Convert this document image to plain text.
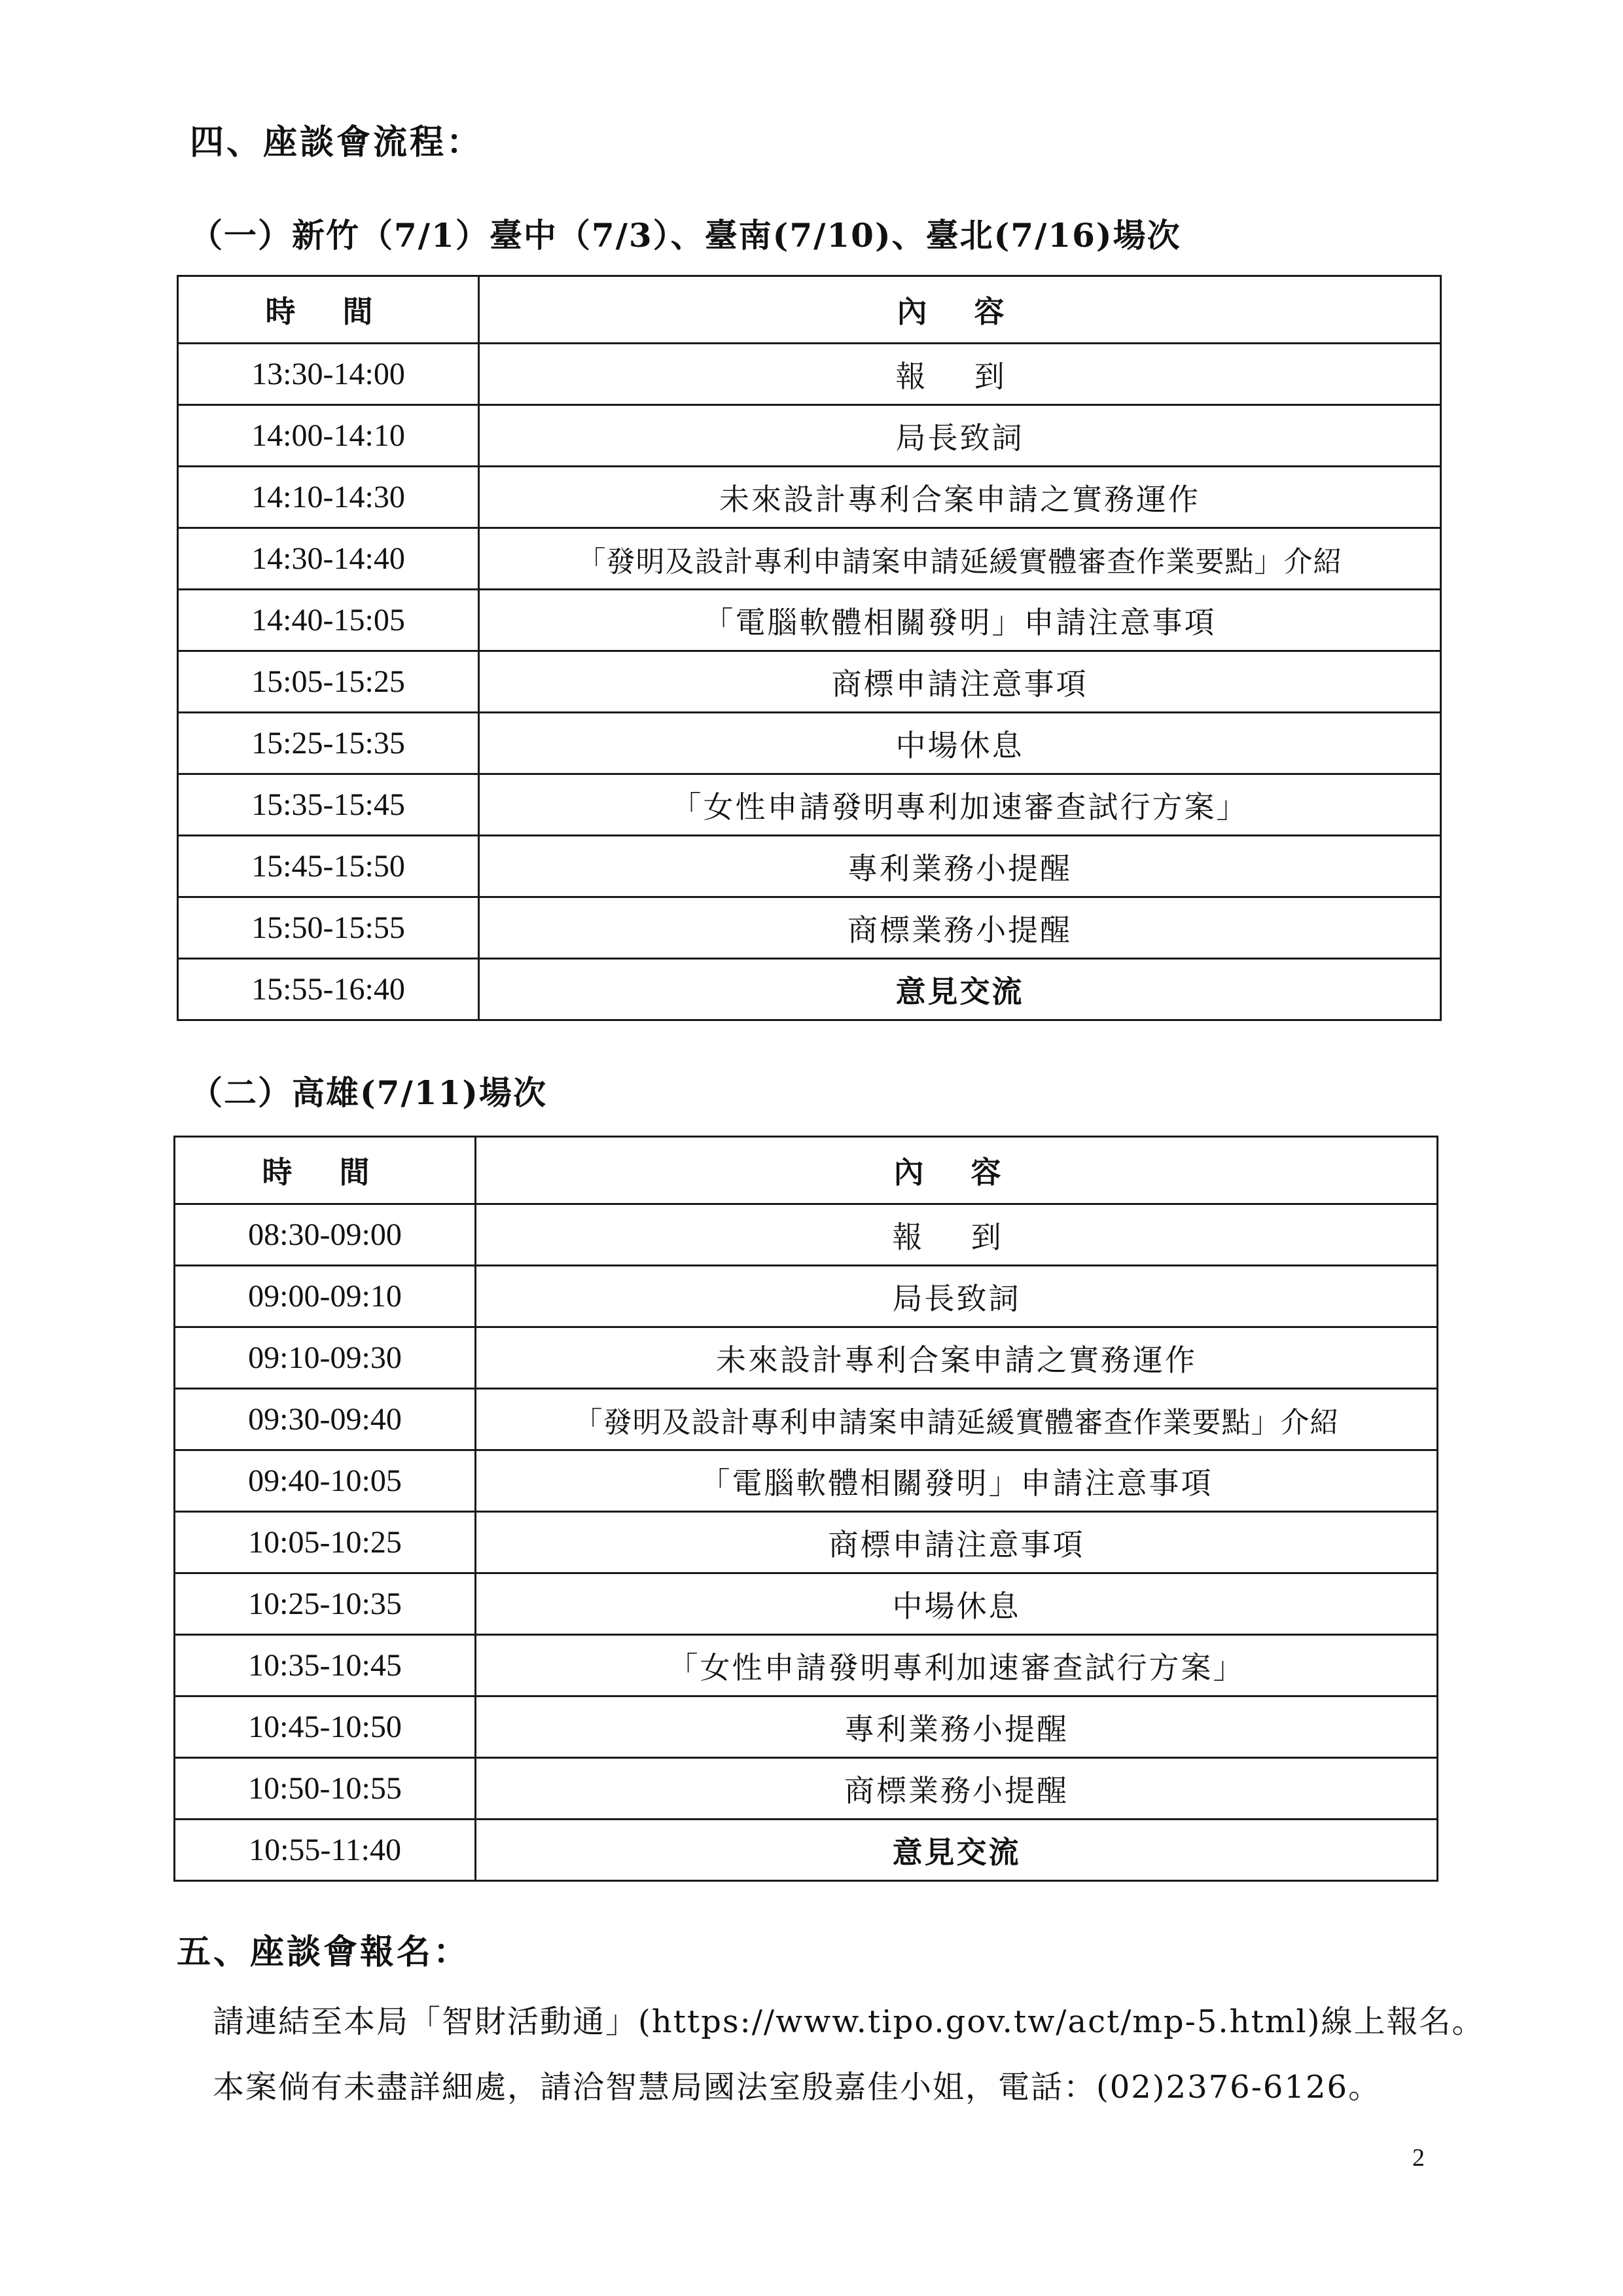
四、座談會流程：
（一）新竹（7/1）臺中（7/3）、臺南(7/10)、臺北(7/16)場次
時 間	內 容
13:30-14:00	報 到
14:00-14:10	局長致詞
14:10-14:30	未來設計專利合案申請之實務運作
14:30-14:40	「發明及設計專利申請案申請延緩實體審查作業要點」介紹
14:40-15:05	「電腦軟體相關發明」申請注意事項
15:05-15:25	商標申請注意事項
15:25-15:35	中場休息
15:35-15:45	「女性申請發明專利加速審查試行方案」
15:45-15:50	專利業務小提醒
15:50-15:55	商標業務小提醒
15:55-16:40	意見交流
（二）高雄(7/11)場次
時 間	內 容
08:30-09:00	報 到
09:00-09:10	局長致詞
09:10-09:30	未來設計專利合案申請之實務運作
09:30-09:40	「發明及設計專利申請案申請延緩實體審查作業要點」介紹
09:40-10:05	「電腦軟體相關發明」申請注意事項
10:05-10:25	商標申請注意事項
10:25-10:35	中場休息
10:35-10:45	「女性申請發明專利加速審查試行方案」
10:45-10:50	專利業務小提醒
10:50-10:55	商標業務小提醒
10:55-11:40	意見交流
五、座談會報名：
請連結至本局「智財活動通」(https://www.tipo.gov.tw/act/mp-5.html)線上報名。
本案倘有未盡詳細處，請洽智慧局國法室殷嘉佳小姐，電話：(02)2376-6126。
2
